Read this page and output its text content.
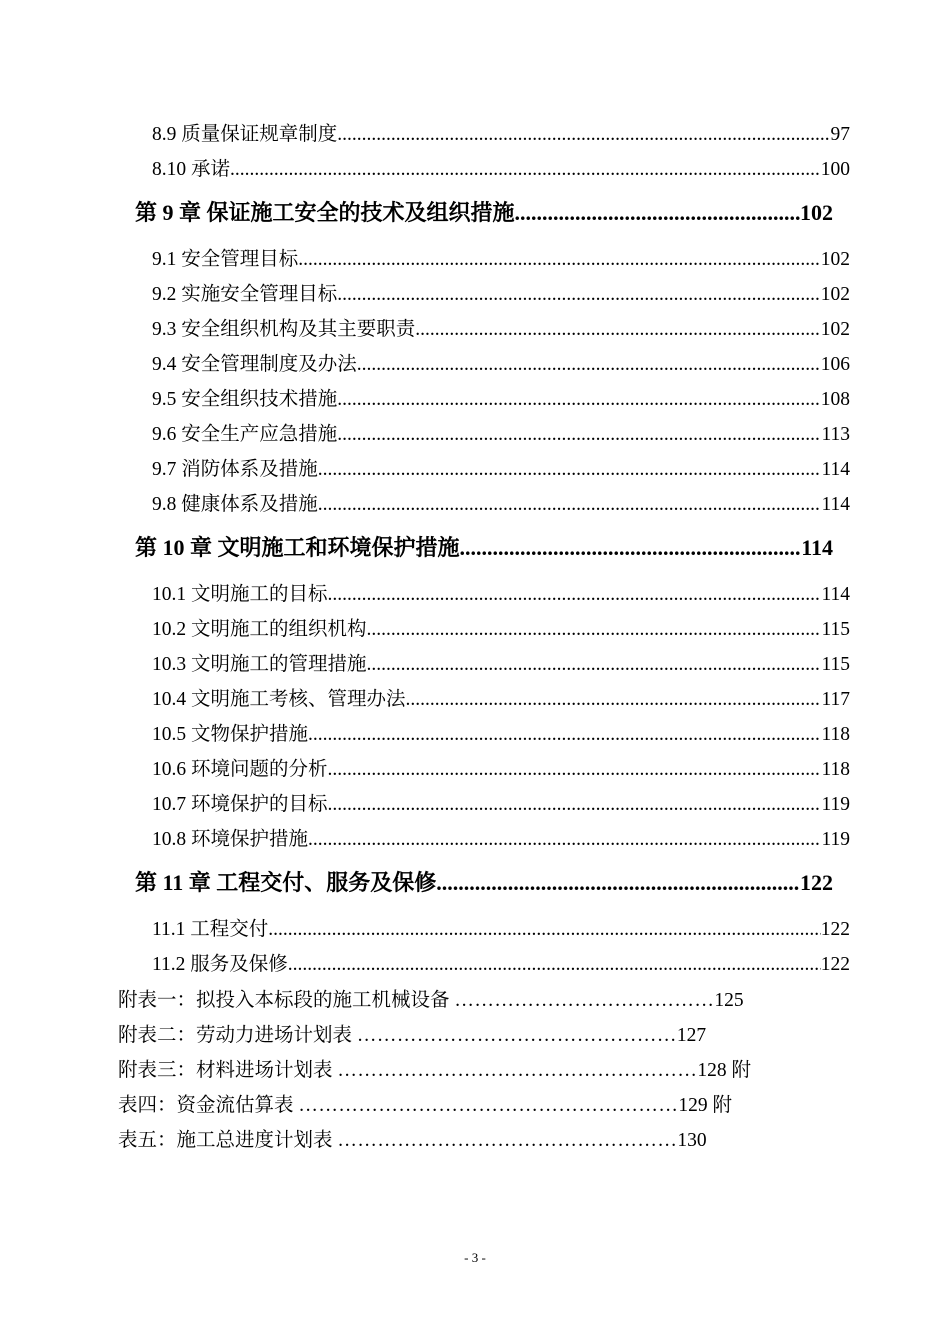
8.9 质量保证规章制度 .....	97
8.10 承诺 .....	100
第 9 章 保证施工安全的技术及组织措施 .....	102
9.1 安全管理目标 .....	102
9.2 实施安全管理目标 .....	102
9.3 安全组织机构及其主要职责 .....	102
9.4 安全管理制度及办法 .....	106
9.5 安全组织技术措施 .....	108
9.6 安全生产应急措施 .....	113
9.7 消防体系及措施 .....	114
9.8 健康体系及措施 .....	114
第 10 章 文明施工和环境保护措施 .....	114
10.1 文明施工的目标 .....	114
10.2 文明施工的组织机构 .....	115
10.3 文明施工的管理措施 .....	115
10.4 文明施工考核、管理办法 .....	117
10.5 文物保护措施 .....	118
10.6 环境问题的分析 .....	118
10.7 环境保护的目标 .....	119
10.8 环境保护措施 .....	119
第 11 章 工程交付、服务及保修 .....	122
11.1 工程交付 .....	122
11.2 服务及保修 .....	122
附表一：拟投入本标段的施工机械设备 …………………………………125
附表二：劳动力进场计划表 …………………………………………127
附表三：材料进场计划表 ………………………………………………128 附
表四：资金流估算表 …………………………………………………129 附
表五：施工总进度计划表 ……………………………………………130
- 3 -
